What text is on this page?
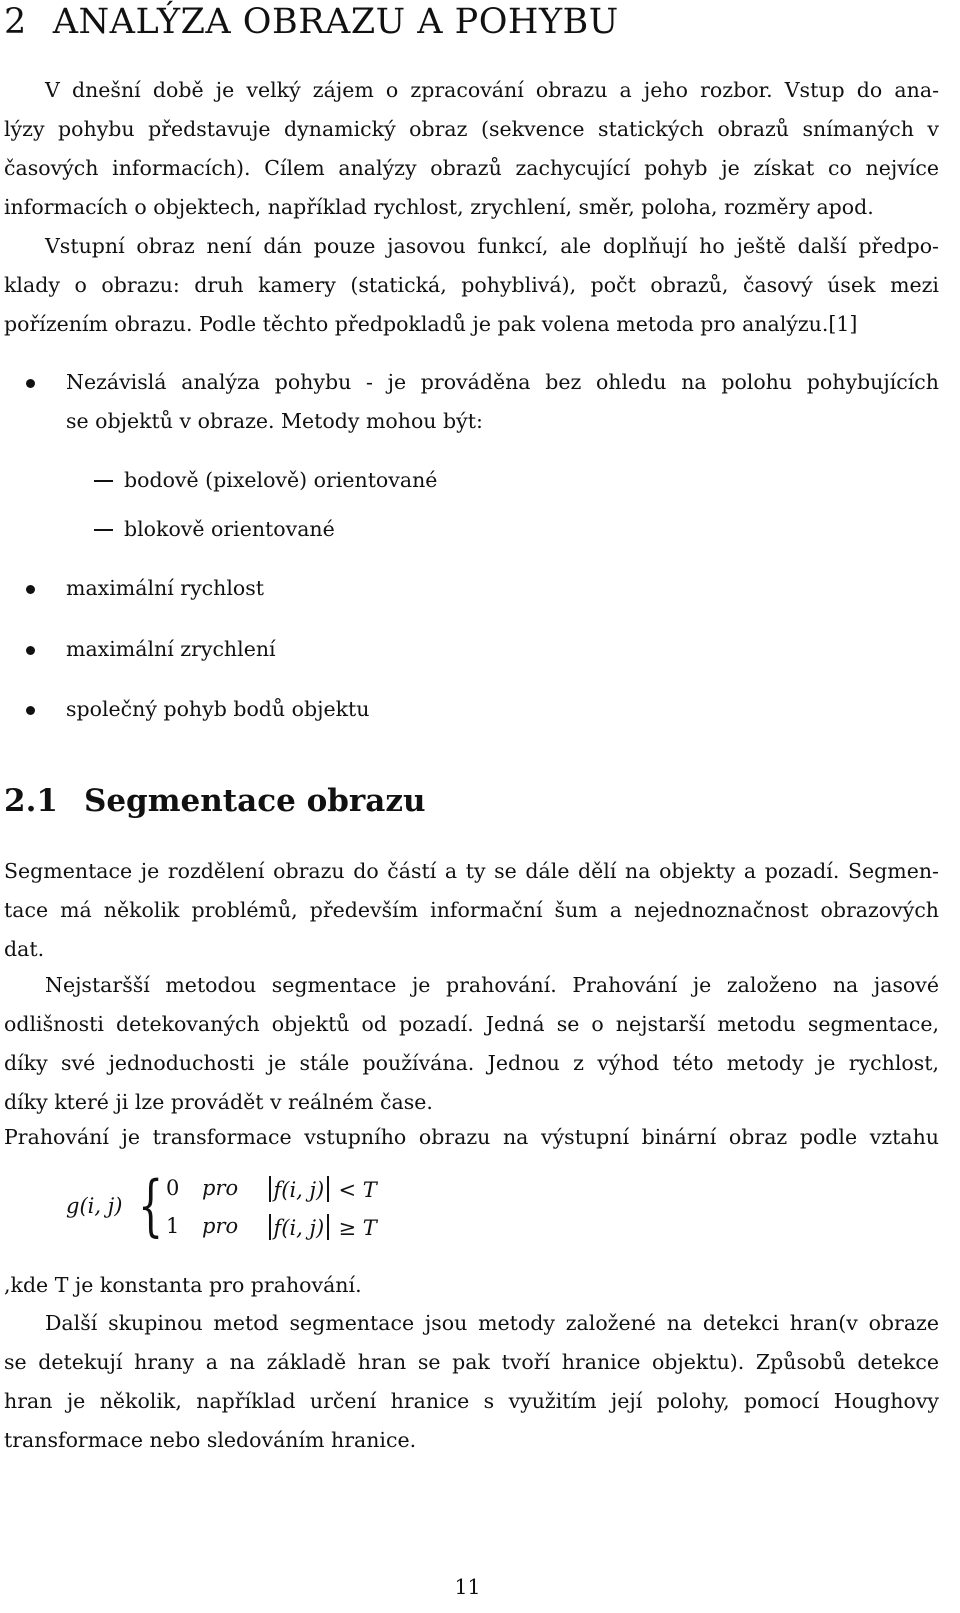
2 ANALÝZA OBRAZU A POHYBU
V dnešní době je velký zájem o zpracování obrazu a jeho rozbor. Vstup do ana-
lýzy pohybu představuje dynamický obraz (sekvence statických obrazů snímaných v
časových informacích). Cílem analýzy obrazů zachycující pohyb je získat co nejvíce
informacích o objektech, například rychlost, zrychlení, směr, poloha, rozměry apod.
Vstupní obraz není dán pouze jasovou funkcí, ale doplňují ho ještě další předpo-
klady o obrazu: druh kamery (statická, pohyblivá), počt obrazů, časový úsek mezi
pořízením obrazu. Podle těchto předpokladů je pak volena metoda pro analýzu.[1]
Nezávislá analýza pohybu - je prováděna bez ohledu na polohu pohybujících
se objektů v obraze. Metody mohou být:
bodově (pixelově) orientované
blokově orientované
maximální rychlost
maximální zrychlení
společný pohyb bodů objektu
2.1 Segmentace obrazu
Segmentace je rozdělení obrazu do částí a ty se dále dělí na objekty a pozadí. Segmen-
tace má několik problémů, především informační šum a nejednoznačnost obrazových
dat.
Nejstaršší metodou segmentace je prahování. Prahování je založeno na jasové
odlišnosti detekovaných objektů od pozadí. Jedná se o nejstarší metodu segmentace,
díky své jednoduchosti je stále používána. Jednou z výhod této metody je rychlost,
díky které ji lze provádět v reálném čase.
Prahování je transformace vstupního obrazu na výstupní binární obraz podle vztahu
g(i, j) { 0 pro	f(i, j) < T
1 pro	f(i, j) ≥ T
,kde T je konstanta pro prahování.
Další skupinou metod segmentace jsou metody založené na detekci hran(v obraze
se detekují hrany a na základě hran se pak tvoří hranice objektu). Způsobů detekce
hran je několik, například určení hranice s využitím její polohy, pomocí Houghovy
transformace nebo sledováním hranice.
11
